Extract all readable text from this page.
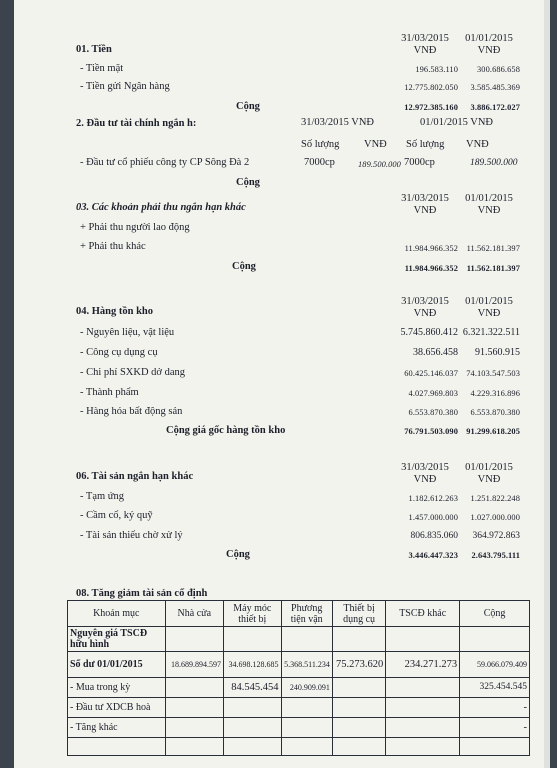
31/03/2015
VNĐ
01/01/2015
VNĐ
01. Tiền
- Tiền mặt	196.583.110	300.686.658
- Tiền gửi Ngân hàng	12.775.802.050	3.585.485.369
Cộng	12.972.385.160	3.886.172.027
2. Đầu tư tài chính ngắn h:	31/03/2015 VNĐ	01/01/2015 VNĐ
Số lượng VNĐ Số lượng VNĐ
- Đầu tư cổ phiếu công ty CP Sông Đà 2	7000cp	189.500.000 7000cp	189.500.000
Cộng
31/03/2015
VNĐ
01/01/2015
VNĐ
03. Các khoản phải thu ngắn hạn khác
+ Phải thu người lao động
+ Phải thu khác	11.984.966.352	11.562.181.397
Cộng	11.984.966.352	11.562.181.397
31/03/2015
VNĐ
01/01/2015
VNĐ
04. Hàng tồn kho
- Nguyên liệu, vật liệu	5.745.860.412 6.321.322.511
- Công cụ dụng cụ	38.656.458	91.560.915
- Chi phí SXKD dở dang	60.425.146.037 74.103.547.503
- Thành phẩm	4.027.969.803	4.229.316.896
- Hàng hóa bất động sản	6.553.870.380	6.553.870.380
Cộng giá gốc hàng tồn kho	76.791.503.090 91.299.618.205
31/03/2015
VNĐ
01/01/2015
VNĐ
06. Tài sản ngắn hạn khác
- Tạm ứng	1.182.612.263	1.251.822.248
- Cầm cố, ký quỹ	1.457.000.000	1.027.000.000
- Tài sản thiếu chờ xử lý	806.835.060	364.972.863
Cộng	3.446.447.323	2.643.795.111
08. Tăng giảm tài sản cố định
Khoản mục	Nhà cửa	Máy móc thiết bị	Phương tiện vận	Thiết bị dụng cụ	TSCĐ khác	Cộng
Nguyên giá TSCĐ hữu hình						
Số dư 01/01/2015	18.689.894.597	34.698.128.685	5.368.511.234	75.273.620	234.271.273	59.066.079.409
- Mua trong kỳ		84.545.454	240.909.091			325.454.545
- Đầu tư XDCB hoà						-
- Tăng khác						-
